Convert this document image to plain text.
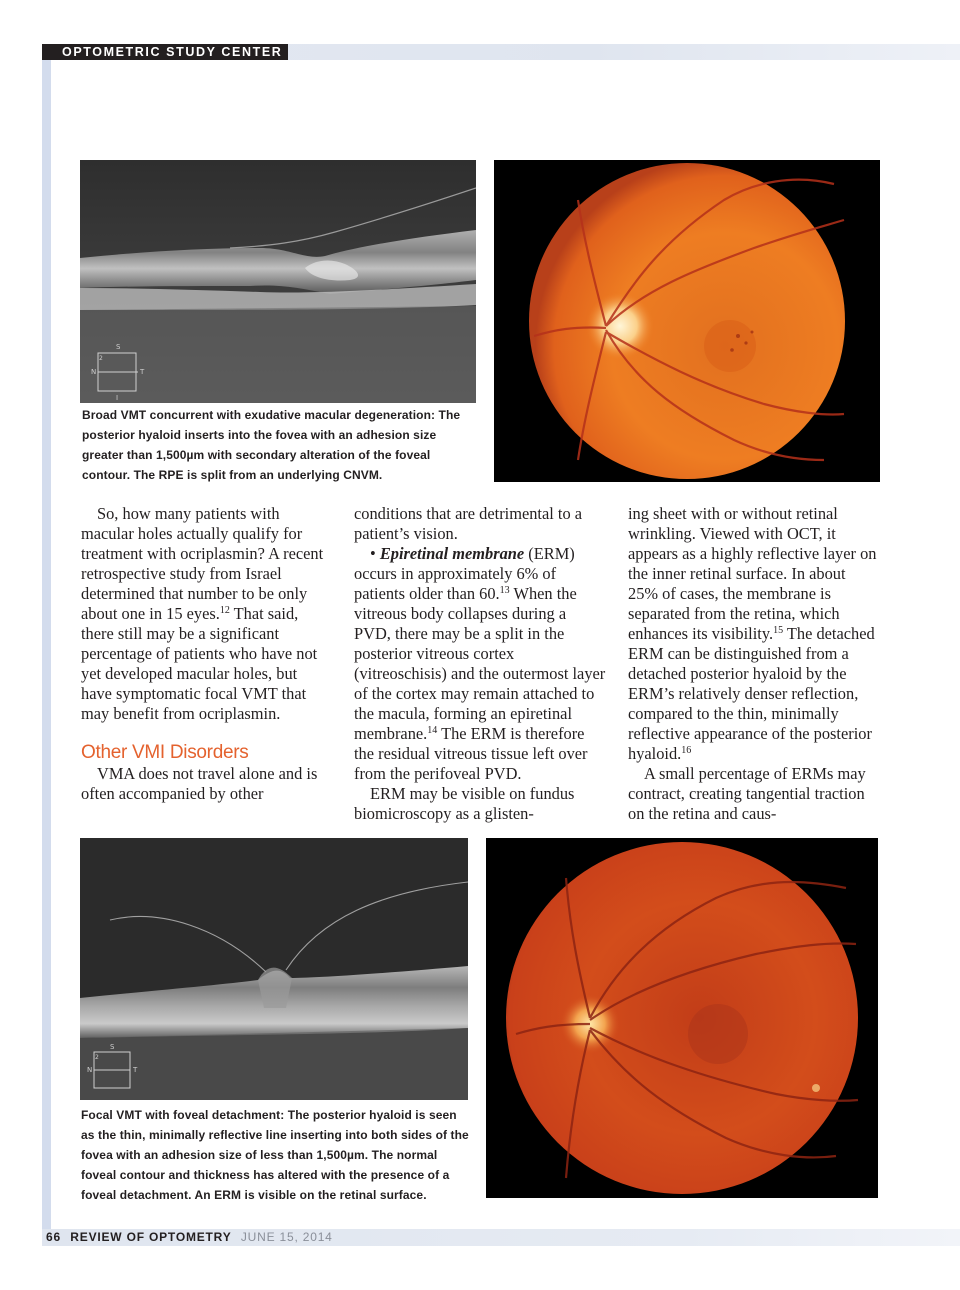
OPTOMETRIC STUDY CENTER
S
N	T
I
2
Broad VMT concurrent with exudative macular degeneration: The posterior hyaloid inserts into the fovea with an adhesion size greater than 1,500µm with secondary alteration of the foveal contour. The RPE is split from an underlying CNVM.

So, how many patients with macular holes actually qualify for treatment with ocriplasmin? A recent retrospective study from Israel determined that number to be only about one in 15 eyes.$^{12}$ That said, there still may be a significant percentage of patients who have not yet developed macular holes, but have symptomatic focal VMT that may benefit from ocriplasmin.

Other VMI Disorders

VMA does not travel alone and is often accompanied by other

conditions that are detrimental to a patient’s vision.

• Epiretinal membrane (ERM) occurs in approximately 6% of patients older than 60.13 When the vitreous body collapses during a PVD, there may be a split in the posterior vitreous cortex (vitreoschisis) and the outermost layer of the cortex may remain attached to the macula, forming an epiretinal membrane.$^{14}$ The ERM is therefore the residual vitreous tissue left over from the perifoveal PVD.

ERM may be visible on fundus biomicroscopy as a glisten-

ing sheet with or without retinal wrinkling. Viewed with OCT, it appears as a highly reflective layer on the inner retinal surface. In about 25% of cases, the membrane is separated from the retina, which enhances its visibility.$^{15}$ The detached ERM can be distinguished from a detached posterior hyaloid by the ERM’s relatively denser reflection, compared to the thin, minimally reflective appearance of the posterior hyaloid.$^{16}$

A small percentage of ERMs may contract, creating tangential traction on the retina and caus-

S
N	T
2
Focal VMT with foveal detachment: The posterior hyaloid is seen as the thin, minimally reflective line inserting into both sides of the fovea with an adhesion size of less than 1,500µm. The normal foveal contour and thickness has altered with the presence of a foveal detachment. An ERM is visible on the retinal surface.
66 REVIEW OF OPTOMETRY JUNE 15, 2014
